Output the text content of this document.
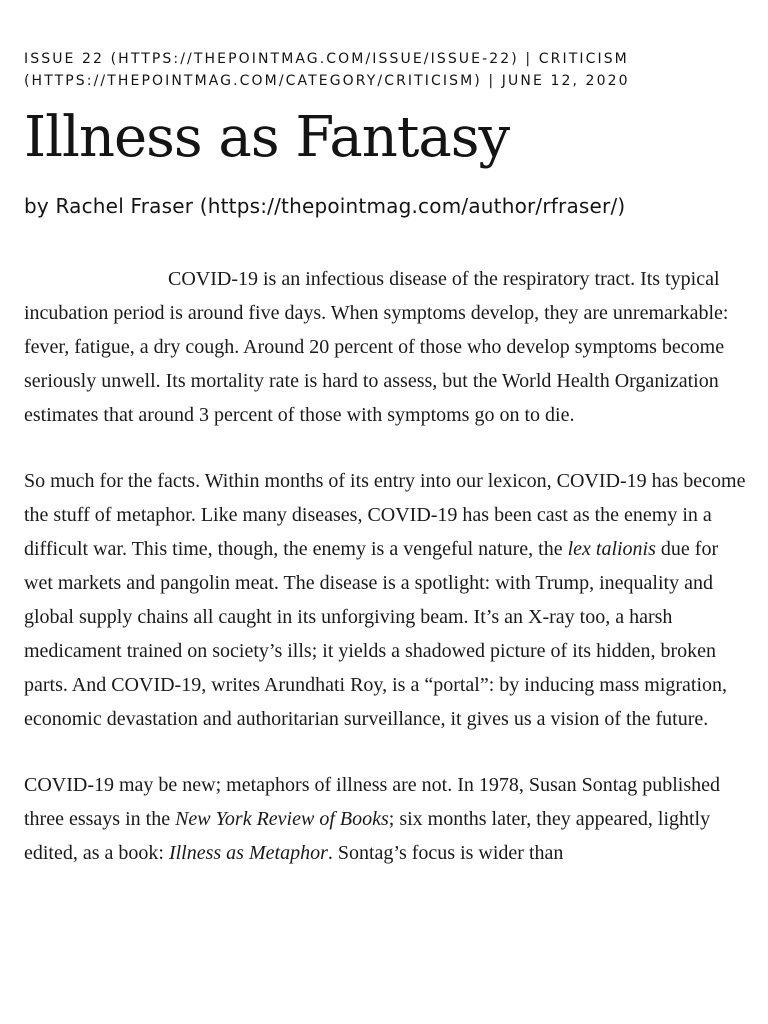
ISSUE 22 (HTTPS://THEPOINTMAG.COM/ISSUE/ISSUE-22) | CRITICISM (HTTPS://THEPOINTMAG.COM/CATEGORY/CRITICISM) | JUNE 12, 2020
Illness as Fantasy
by Rachel Fraser (https://thepointmag.com/author/rfraser/)

COVID-19 is an infectious disease of the respiratory tract. Its typical incubation period is around five days. When symptoms develop, they are unremarkable: fever, fatigue, a dry cough. Around 20 percent of those who develop symptoms become seriously unwell. Its mortality rate is hard to assess, but the World Health Organization estimates that around 3 percent of those with symptoms go on to die.

So much for the facts. Within months of its entry into our lexicon, COVID-19 has become the stuff of metaphor. Like many diseases, COVID-19 has been cast as the enemy in a difficult war. This time, though, the enemy is a vengeful nature, the lex talionis due for wet markets and pangolin meat. The disease is a spotlight: with Trump, inequality and global supply chains all caught in its unforgiving beam. It’s an X-ray too, a harsh medicament trained on society’s ills; it yields a shadowed picture of its hidden, broken parts. And COVID-19, writes Arundhati Roy, is a “portal”: by inducing mass migration, economic devastation and authoritarian surveillance, it gives us a vision of the future.

COVID-19 may be new; metaphors of illness are not. In 1978, Susan Sontag published three essays in the New York Review of Books; six months later, they appeared, lightly edited, as a book: Illness as Metaphor. Sontag’s focus is wider than
